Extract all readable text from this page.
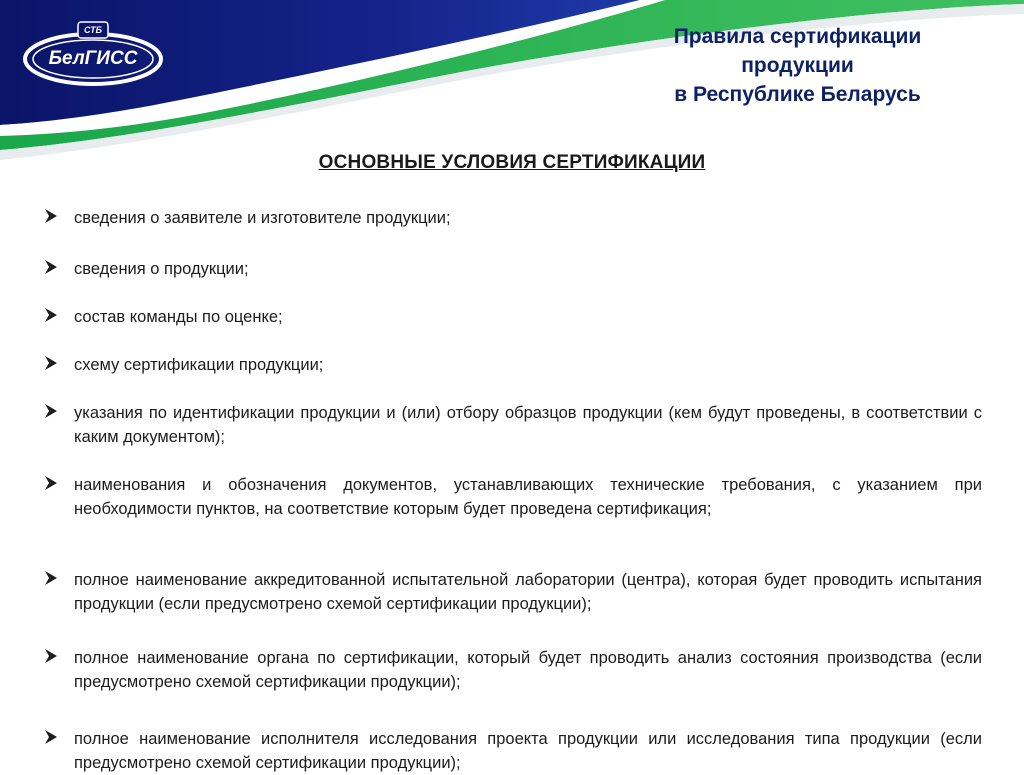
СТБ
БелГИСС
Правила сертификации
продукции
в Республике Беларусь
ОСНОВНЫЕ УСЛОВИЯ СЕРТИФИКАЦИИ
сведения о заявителе и изготовителе продукции;
сведения о продукции;
состав команды по оценке;
схему сертификации продукции;
указания по идентификации продукции и (или) отбору образцов продукции (кем будут проведены, в соответствии с каким документом);
наименования и обозначения документов, устанавливающих технические требования, с указанием при необходимости пунктов, на соответствие которым будет проведена сертификация;
полное наименование аккредитованной испытательной лаборатории (центра), которая будет проводить испытания продукции (если предусмотрено схемой сертификации продукции);
полное наименование органа по сертификации, который будет проводить анализ состояния производства (если предусмотрено схемой сертификации продукции);
полное наименование исполнителя исследования проекта продукции или исследования типа продукции (если предусмотрено схемой сертификации продукции);
